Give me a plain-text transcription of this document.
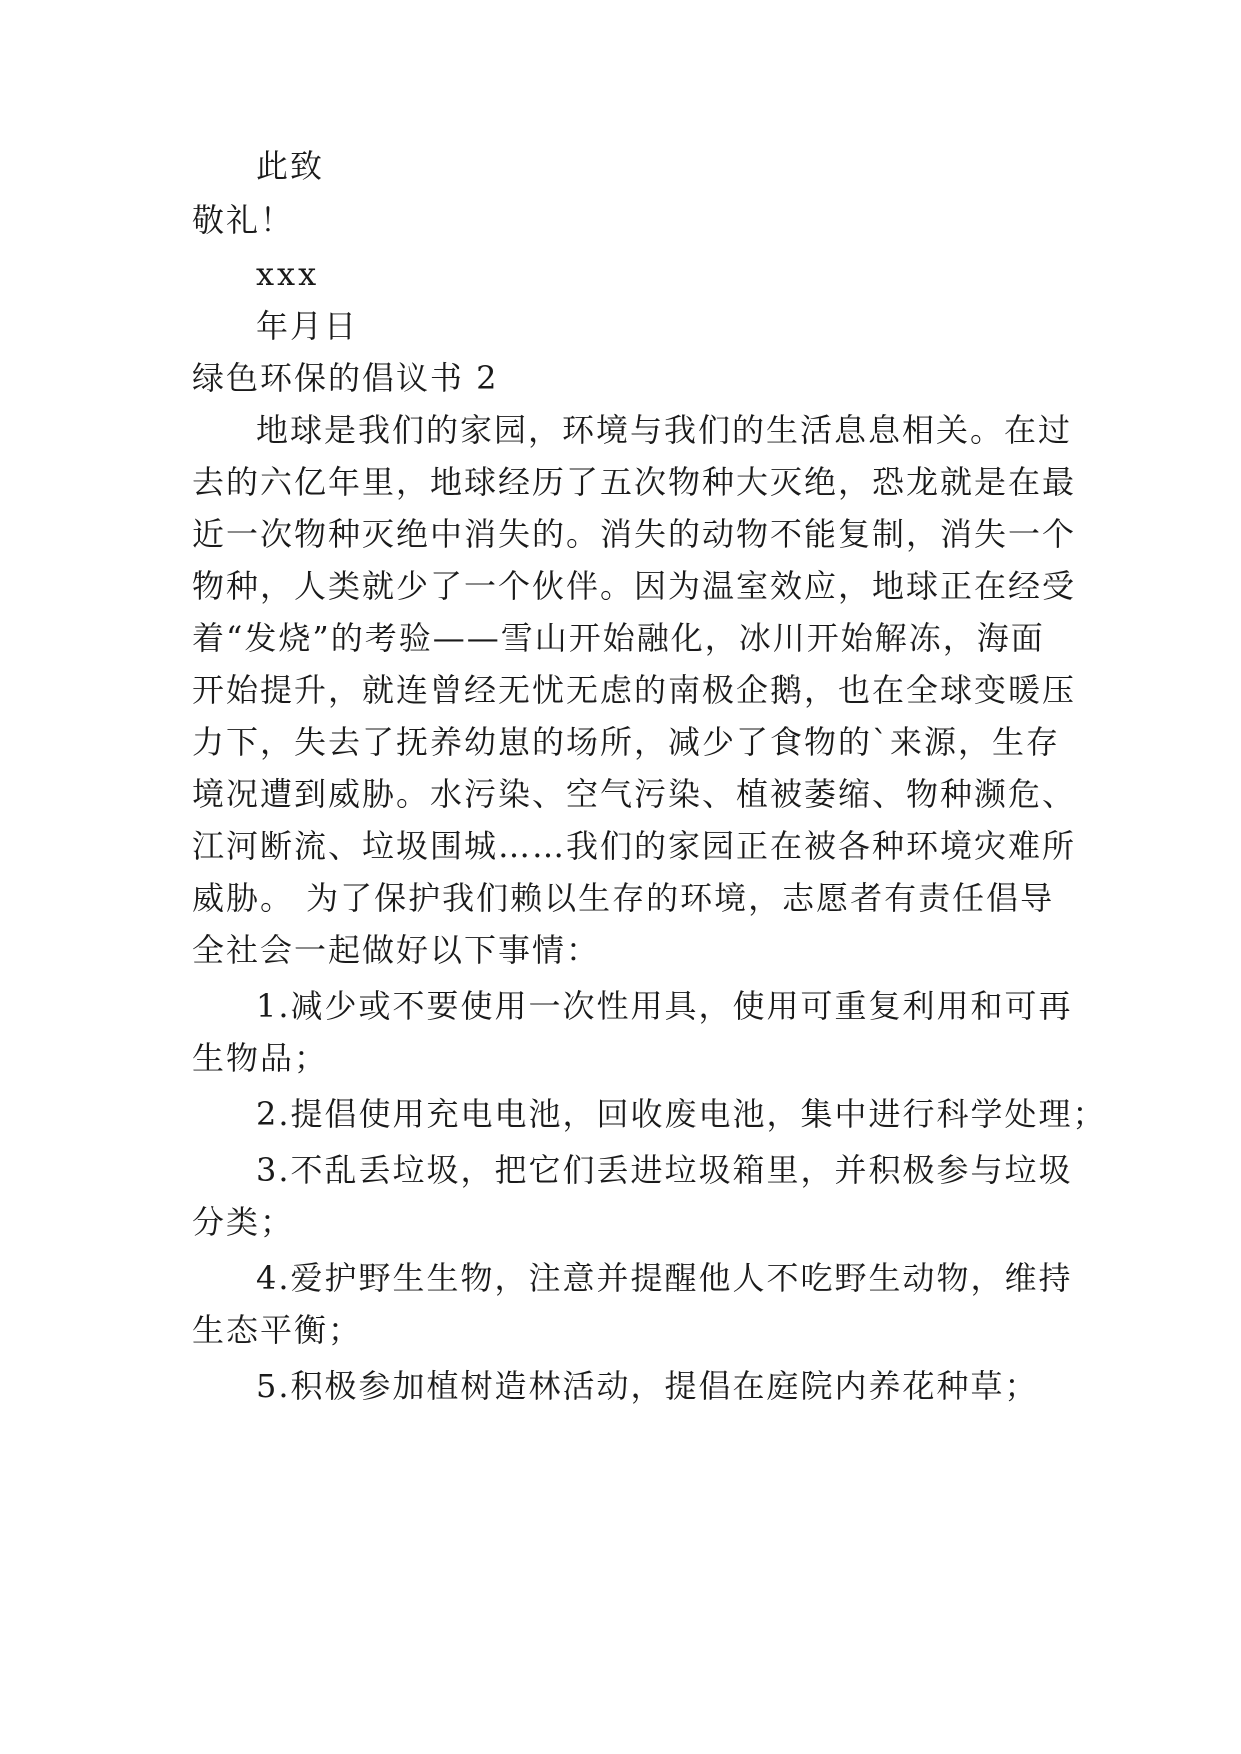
此致
敬礼！
xxx
年月日
绿色环保的倡议书 2
地球是我们的家园，环境与我们的生活息息相关。在过
去的六亿年里，地球经历了五次物种大灭绝，恐龙就是在最
近一次物种灭绝中消失的。消失的动物不能复制，消失一个
物种，人类就少了一个伙伴。因为温室效应，地球正在经受
着“发烧”的考验——雪山开始融化，冰川开始解冻，海面
开始提升，就连曾经无忧无虑的南极企鹅，也在全球变暖压
力下，失去了抚养幼崽的场所，减少了食物的`来源，生存
境况遭到威胁。水污染、空气污染、植被萎缩、物种濒危、
江河断流、垃圾围城……我们的家园正在被各种环境灾难所
威胁。 为了保护我们赖以生存的环境，志愿者有责任倡导
全社会一起做好以下事情：
1.减少或不要使用一次性用具，使用可重复利用和可再
生物品；
2.提倡使用充电电池，回收废电池，集中进行科学处理；
3.不乱丢垃圾，把它们丢进垃圾箱里，并积极参与垃圾
分类；
4.爱护野生生物，注意并提醒他人不吃野生动物，维持
生态平衡；
5.积极参加植树造林活动，提倡在庭院内养花种草；
